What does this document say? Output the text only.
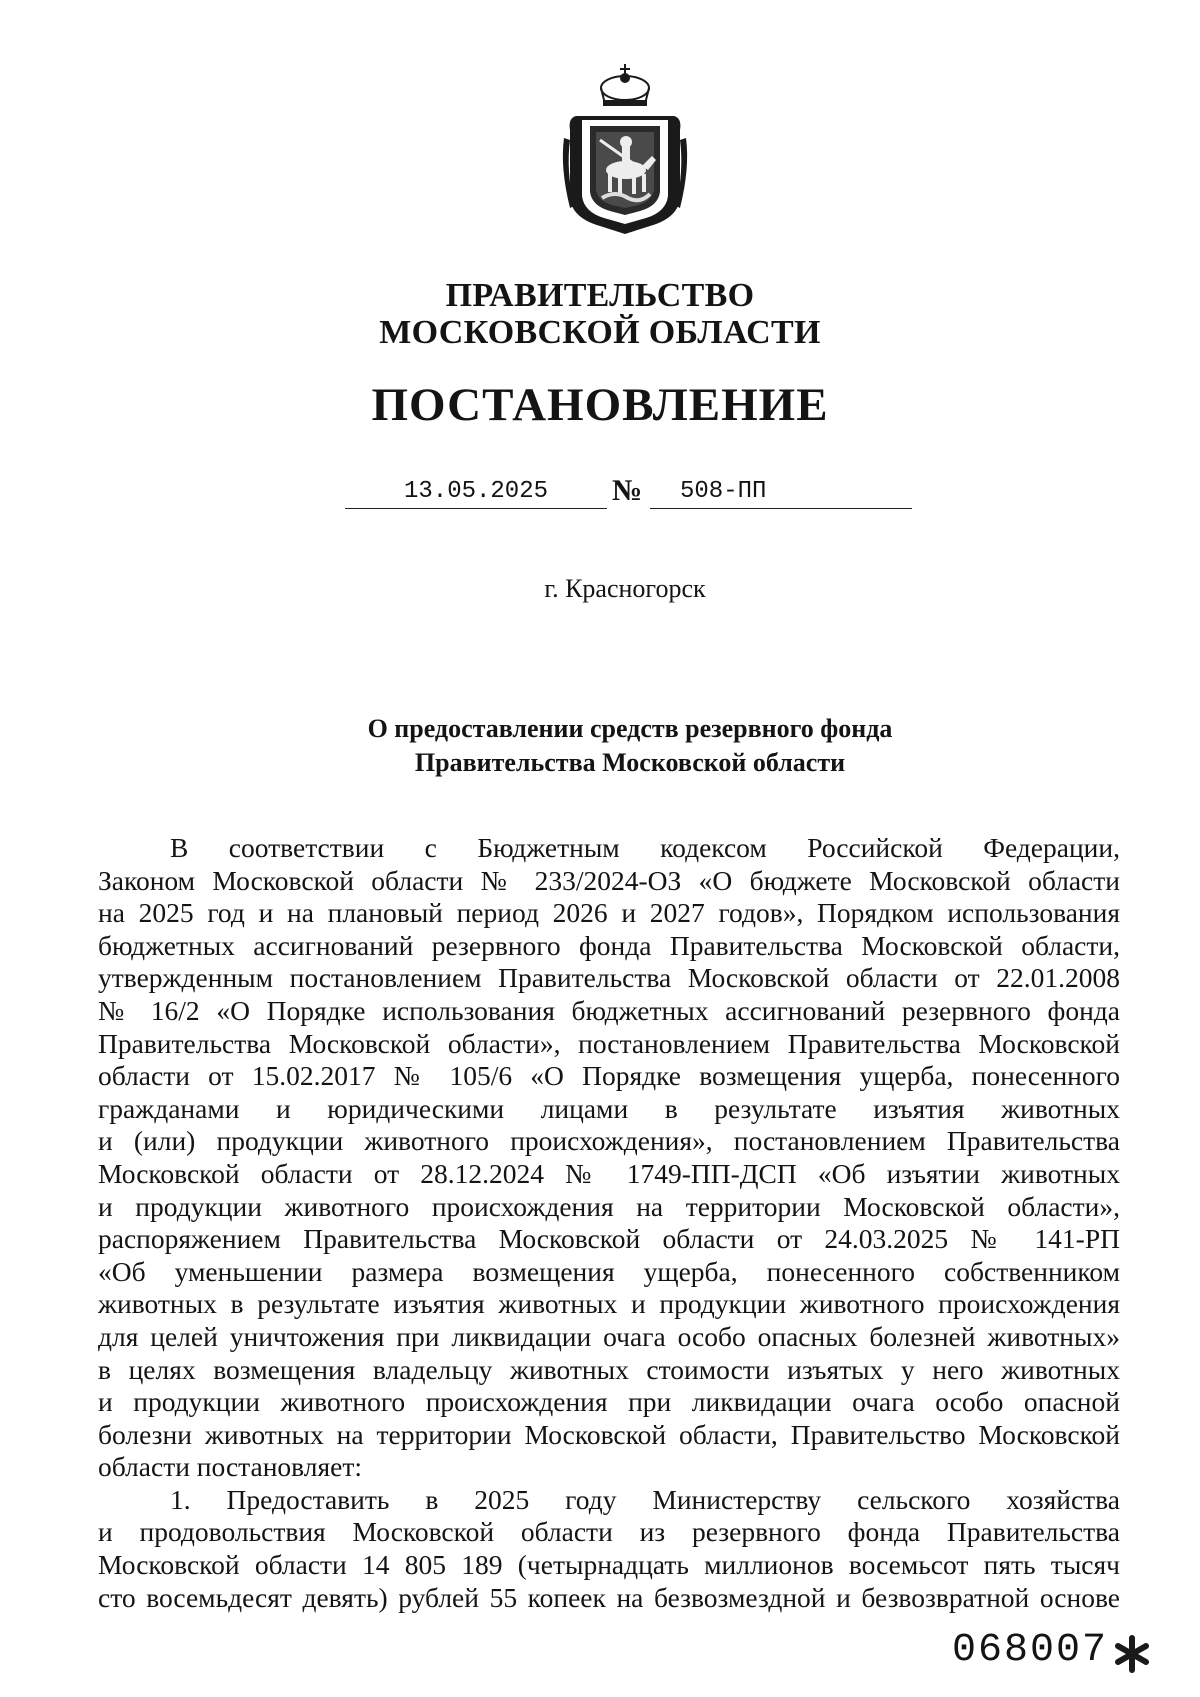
ПРАВИТЕЛЬСТВО
МОСКОВСКОЙ ОБЛАСТИ
ПОСТАНОВЛЕНИЕ
13.05.2025	№	508-ПП
г. Красногорск
О предоставлении средств резервного фонда
Правительства Московской области
В соответствии с Бюджетным кодексом Российской Федерации,
Законом Московской области № 233/2024-ОЗ «О бюджете Московской области
на 2025 год и на плановый период 2026 и 2027 годов», Порядком использования
бюджетных ассигнований резервного фонда Правительства Московской области,
утвержденным постановлением Правительства Московской области от 22.01.2008
№ 16/2 «О Порядке использования бюджетных ассигнований резервного фонда
Правительства Московской области», постановлением Правительства Московской
области от 15.02.2017 № 105/6 «О Порядке возмещения ущерба, понесенного
гражданами и юридическими лицами в результате изъятия животных
и (или) продукции животного происхождения», постановлением Правительства
Московской области от 28.12.2024 № 1749-ПП-ДСП «Об изъятии животных
и продукции животного происхождения на территории Московской области»,
распоряжением Правительства Московской области от 24.03.2025 № 141-РП
«Об уменьшении размера возмещения ущерба, понесенного собственником
животных в результате изъятия животных и продукции животного происхождения
для целей уничтожения при ликвидации очага особо опасных болезней животных»
в целях возмещения владельцу животных стоимости изъятых у него животных
и продукции животного происхождения при ликвидации очага особо опасной
болезни животных на территории Московской области, Правительство Московской
области постановляет:
1. Предоставить в 2025 году Министерству сельского хозяйства
и продовольствия Московской области из резервного фонда Правительства
Московской области 14 805 189 (четырнадцать миллионов восемьсот пять тысяч
сто восемьдесят девять) рублей 55 копеек на безвозмездной и безвозвратной основе
068007
